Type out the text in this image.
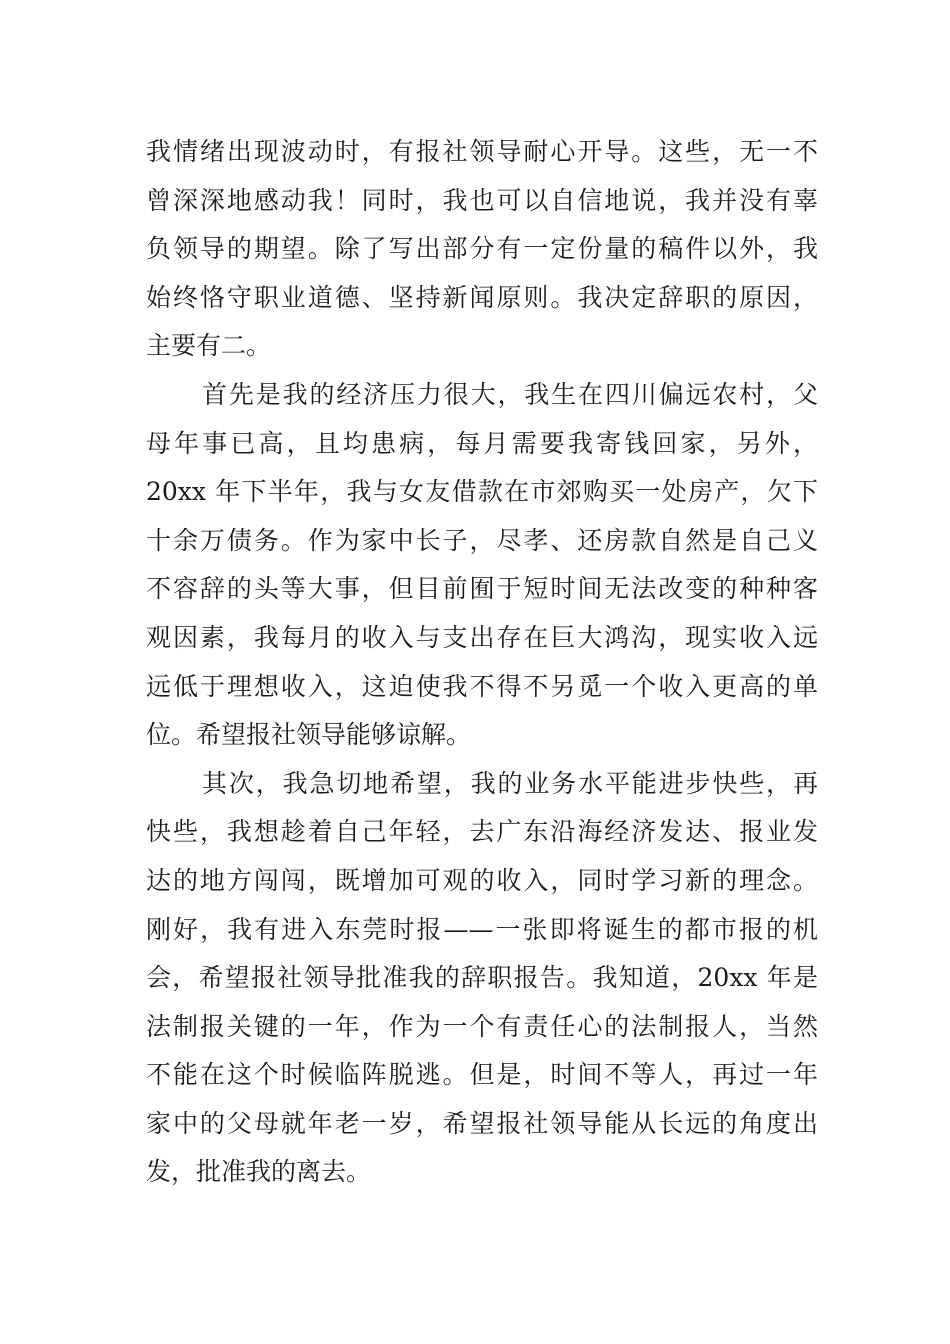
我情绪出现波动时，有报社领导耐心开导。这些，无一不
曾深深地感动我！同时，我也可以自信地说，我并没有辜
负领导的期望。除了写出部分有一定份量的稿件以外，我
始终恪守职业道德、坚持新闻原则。我决定辞职的原因，
主要有二。
首先是我的经济压力很大，我生在四川偏远农村，父
母年事已高，且均患病，每月需要我寄钱回家，另外，
20xx 年下半年，我与女友借款在市郊购买一处房产，欠下
十余万债务。作为家中长子，尽孝、还房款自然是自己义
不容辞的头等大事，但目前囿于短时间无法改变的种种客
观因素，我每月的收入与支出存在巨大鸿沟，现实收入远
远低于理想收入，这迫使我不得不另觅一个收入更高的单
位。希望报社领导能够谅解。
其次，我急切地希望，我的业务水平能进步快些，再
快些，我想趁着自己年轻，去广东沿海经济发达、报业发
达的地方闯闯，既增加可观的收入，同时学习新的理念。
刚好，我有进入东莞时报——一张即将诞生的都市报的机
会，希望报社领导批准我的辞职报告。我知道，20xx 年是
法制报关键的一年，作为一个有责任心的法制报人，当然
不能在这个时候临阵脱逃。但是，时间不等人，再过一年
家中的父母就年老一岁，希望报社领导能从长远的角度出
发，批准我的离去。
